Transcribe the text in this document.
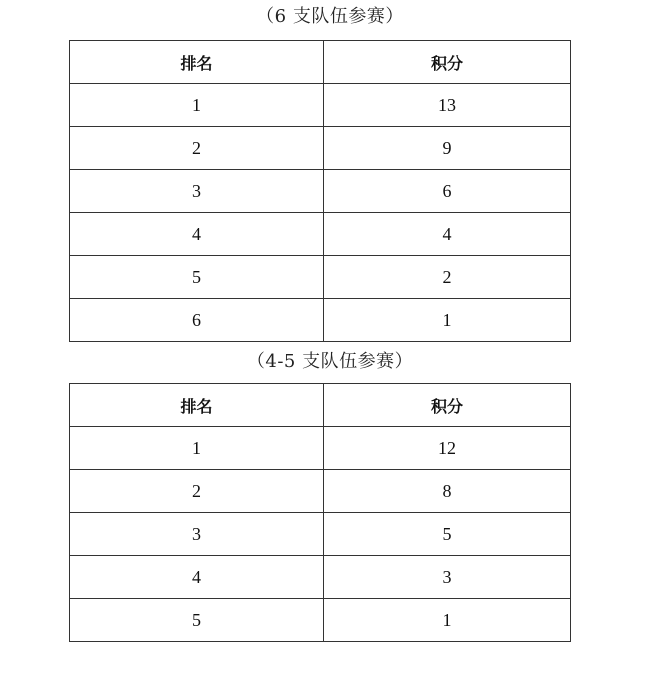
（6 支队伍参赛）
排名	积分
1	13
2	9
3	6
4	4
5	2
6	1
（4-5 支队伍参赛）
排名	积分
1	12
2	8
3	5
4	3
5	1
